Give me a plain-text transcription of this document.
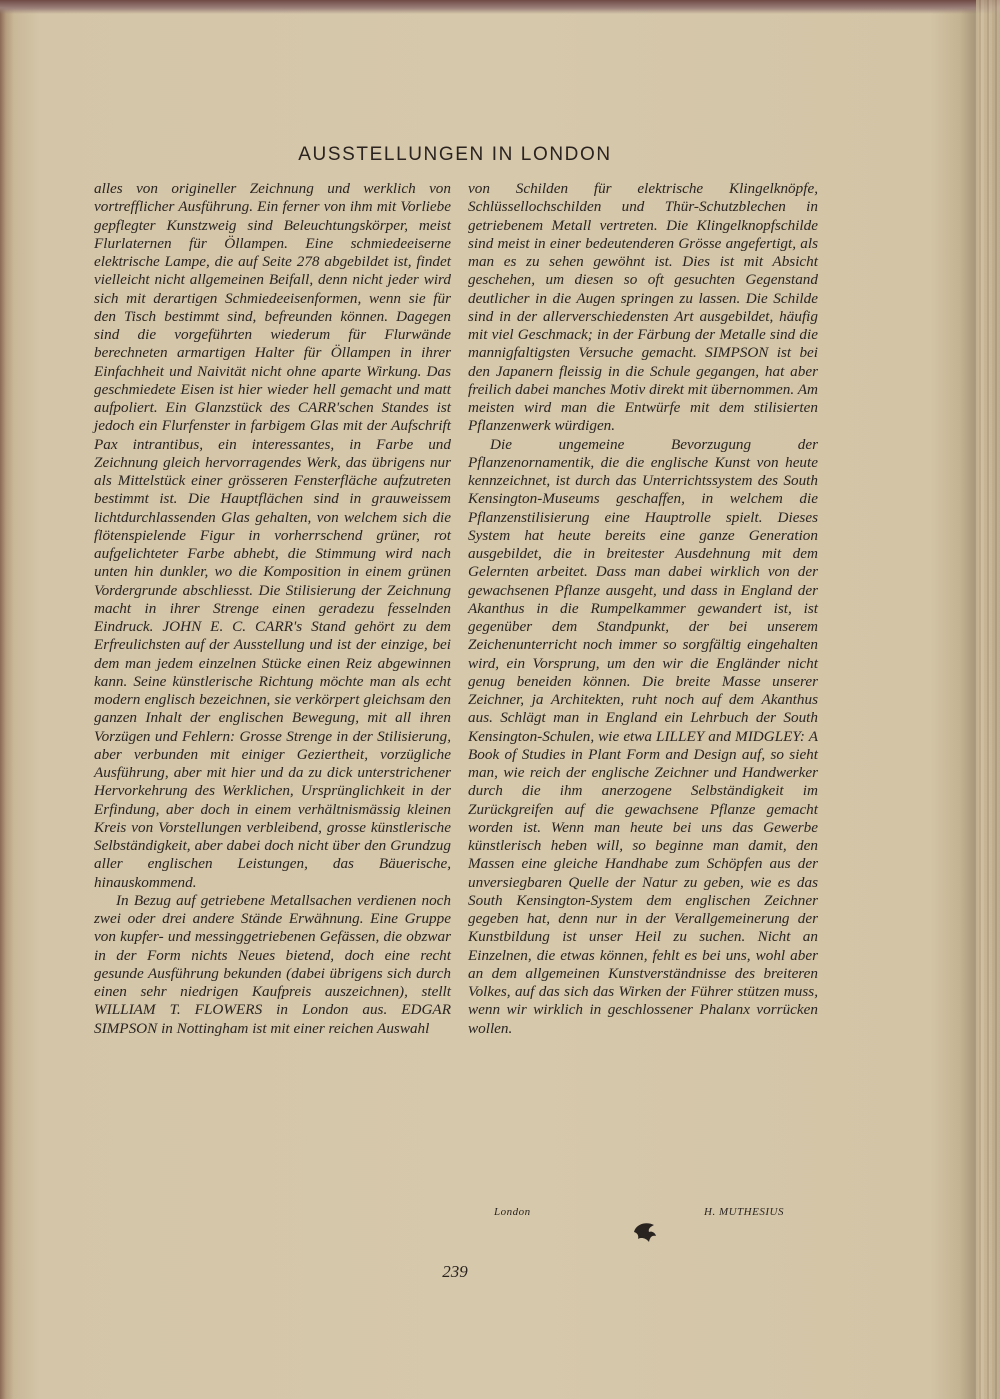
AUSSTELLUNGEN IN LONDON

alles von origineller Zeichnung und werklich von vortrefflicher Ausführung. Ein ferner von ihm mit Vorliebe gepflegter Kunstzweig sind Beleuchtungskörper, meist Flurlaternen für Öllampen. Eine schmiedeeiserne elektrische Lampe, die auf Seite 278 abgebildet ist, findet vielleicht nicht allgemeinen Beifall, denn nicht jeder wird sich mit derartigen Schmiedeeisenformen, wenn sie für den Tisch bestimmt sind, befreunden können. Dagegen sind die vorgeführten wiederum für Flurwände berechneten armartigen Halter für Öllampen in ihrer Einfachheit und Naivität nicht ohne aparte Wirkung. Das geschmiedete Eisen ist hier wieder hell gemacht und matt aufpoliert. Ein Glanzstück des CARR'schen Standes ist jedoch ein Flurfenster in farbigem Glas mit der Aufschrift Pax intrantibus, ein interessantes, in Farbe und Zeichnung gleich hervorragendes Werk, das übrigens nur als Mittelstück einer grösseren Fensterfläche aufzutreten bestimmt ist. Die Hauptflächen sind in grauweissem lichtdurchlassenden Glas gehalten, von welchem sich die flötenspielende Figur in vorherrschend grüner, rot aufgelichteter Farbe abhebt, die Stimmung wird nach unten hin dunkler, wo die Komposition in einem grünen Vordergrunde abschliesst. Die Stilisierung der Zeichnung macht in ihrer Strenge einen geradezu fesselnden Eindruck. JOHN E. C. CARR's Stand gehört zu dem Erfreulichsten auf der Ausstellung und ist der einzige, bei dem man jedem einzelnen Stücke einen Reiz abgewinnen kann. Seine künstlerische Richtung möchte man als echt modern englisch bezeichnen, sie verkörpert gleichsam den ganzen Inhalt der englischen Bewegung, mit all ihren Vorzügen und Fehlern: Grosse Strenge in der Stilisierung, aber verbunden mit einiger Geziertheit, vorzügliche Ausführung, aber mit hier und da zu dick unterstrichener Hervorkehrung des Werklichen, Ursprünglichkeit in der Erfindung, aber doch in einem verhältnismässig kleinen Kreis von Vorstellungen verbleibend, grosse künstlerische Selbständigkeit, aber dabei doch nicht über den Grundzug aller englischen Leistungen, das Bäuerische, hinauskommend.

In Bezug auf getriebene Metallsachen verdienen noch zwei oder drei andere Stände Erwähnung. Eine Gruppe von kupfer- und messinggetriebenen Gefässen, die obzwar in der Form nichts Neues bietend, doch eine recht gesunde Ausführung bekunden (dabei übrigens sich durch einen sehr niedrigen Kaufpreis auszeichnen), stellt WILLIAM T. FLOWERS in London aus. EDGAR SIMPSON in Nottingham ist mit einer reichen Auswahl

von Schilden für elektrische Klingelknöpfe, Schlüssellochschilden und Thür-Schutzblechen in getriebenem Metall vertreten. Die Klingelknopfschilde sind meist in einer bedeutenderen Grösse angefertigt, als man es zu sehen gewöhnt ist. Dies ist mit Absicht geschehen, um diesen so oft gesuchten Gegenstand deutlicher in die Augen springen zu lassen. Die Schilde sind in der allerverschiedensten Art ausgebildet, häufig mit viel Geschmack; in der Färbung der Metalle sind die mannigfaltigsten Versuche gemacht. SIMPSON ist bei den Japanern fleissig in die Schule gegangen, hat aber freilich dabei manches Motiv direkt mit übernommen. Am meisten wird man die Entwürfe mit dem stilisierten Pflanzenwerk würdigen.

Die ungemeine Bevorzugung der Pflanzenornamentik, die die englische Kunst von heute kennzeichnet, ist durch das Unterrichtssystem des South Kensington-Museums geschaffen, in welchem die Pflanzenstilisierung eine Hauptrolle spielt. Dieses System hat heute bereits eine ganze Generation ausgebildet, die in breitester Ausdehnung mit dem Gelernten arbeitet. Dass man dabei wirklich von der gewachsenen Pflanze ausgeht, und dass in England der Akanthus in die Rumpelkammer gewandert ist, ist gegenüber dem Standpunkt, der bei unserem Zeichenunterricht noch immer so sorgfältig eingehalten wird, ein Vorsprung, um den wir die Engländer nicht genug beneiden können. Die breite Masse unserer Zeichner, ja Architekten, ruht noch auf dem Akanthus aus. Schlägt man in England ein Lehrbuch der South Kensington-Schulen, wie etwa LILLEY and MIDGLEY: A Book of Studies in Plant Form and Design auf, so sieht man, wie reich der englische Zeichner und Handwerker durch die ihm anerzogene Selbständigkeit im Zurückgreifen auf die gewachsene Pflanze gemacht worden ist. Wenn man heute bei uns das Gewerbe künstlerisch heben will, so beginne man damit, den Massen eine gleiche Handhabe zum Schöpfen aus der unversiegbaren Quelle der Natur zu geben, wie es das South Kensington-System dem englischen Zeichner gegeben hat, denn nur in der Verallgemeinerung der Kunstbildung ist unser Heil zu suchen. Nicht an Einzelnen, die etwas können, fehlt es bei uns, wohl aber an dem allgemeinen Kunstverständnisse des breiteren Volkes, auf das sich das Wirken der Führer stützen muss, wenn wir wirklich in geschlossener Phalanx vorrücken wollen.

London	H. MUTHESIUS
239
